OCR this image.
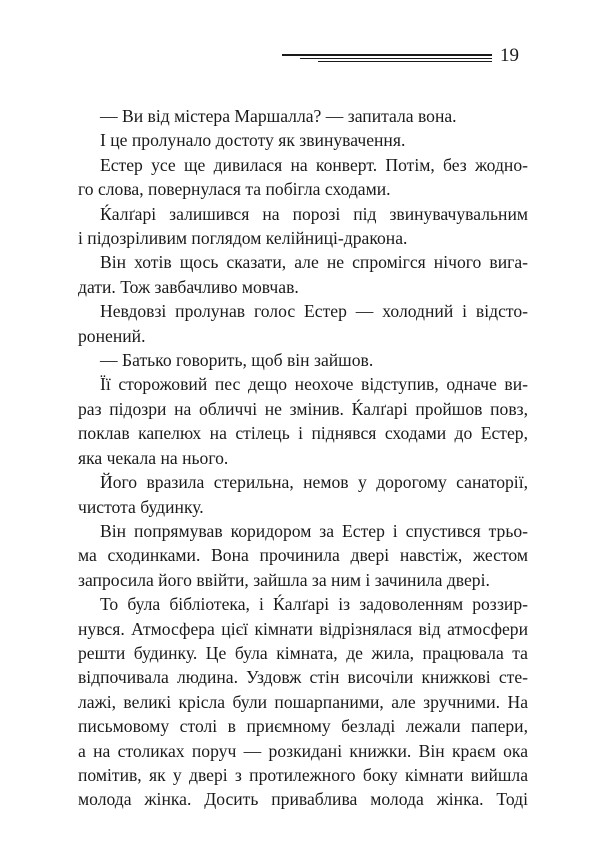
19

— Ви від містера Маршалла? — запитала вона.

І це пролунало достоту як звинувачення.

Естер усе ще дивилася на конверт. Потім, без жодно-
го слова, повернулася та побігла сходами.

Ќалґарі залишився на порозі під звинувачувальним
і підозріливим поглядом келійниці-дракона.

Він хотів щось сказати, але не спромігся нічого вига-
дати. Тож завбачливо мовчав.

Невдовзі пролунав голос Естер — холодний і відсто-
ронений.

— Батько говорить, щоб він зайшов.

Її сторожовий пес дещо неохоче відступив, одначе ви-
раз підозри на обличчі не змінив. Ќалґарі пройшов повз,
поклав капелюх на стілець і піднявся сходами до Естер,
яка чекала на нього.

Його вразила стерильна, немов у дорогому санаторії,
чистота будинку.

Він попрямував коридором за Естер і спустився трьо-
ма сходинками. Вона прочинила двері навстіж, жестом
запросила його ввійти, зайшла за ним і зачинила двері.

То була бібліотека, і Ќалґарі із задоволенням роззир-
нувся. Атмосфера цієї кімнати відрізнялася від атмосфери
решти будинку. Це була кімната, де жила, працювала та
відпочивала людина. Уздовж стін височіли книжкові сте-
лажі, великі крісла були пошарпаними, але зручними. На
письмовому столі в приємному безладі лежали папери,
а на столиках поруч — розкидані книжки. Він краєм ока
помітив, як у двері з протилежного боку кімнати вийшла
молода жінка. Досить приваблива молода жінка. Тоді
